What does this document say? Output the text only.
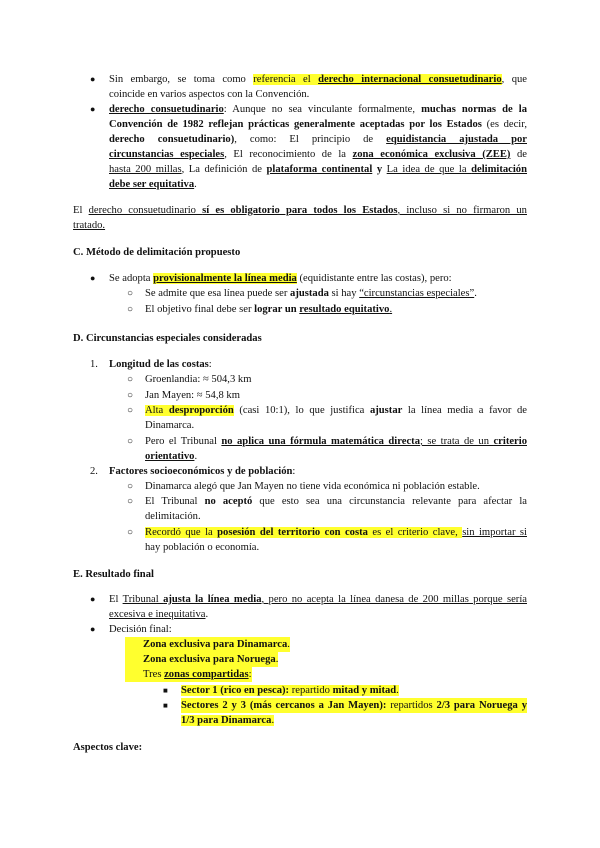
● Sin embargo, se toma como referencia el derecho internacional consuetudinario, que
coincide en varios aspectos con la Convención.
● derecho consuetudinario: Aunque no sea vinculante formalmente, muchas normas de la
Convención de 1982 reflejan prácticas generalmente aceptadas por los Estados (es decir,
derecho consuetudinario), como: El principio de equidistancia ajustada por
circunstancias especiales, El reconocimiento de la zona económica exclusiva (ZEE) de
hasta 200 millas, La definición de plataforma continental y La idea de que la delimitación
debe ser equitativa.
El derecho consuetudinario sí es obligatorio para todos los Estados, incluso si no firmaron un
tratado.
C. Método de delimitación propuesto
● Se adopta provisionalmente la línea media (equidistante entre las costas), pero:
○ Se admite que esa línea puede ser ajustada si hay “circunstancias especiales”.
○ El objetivo final debe ser lograr un resultado equitativo.
D. Circunstancias especiales consideradas
1. Longitud de las costas:
○ Groenlandia: ≈ 504,3 km
○ Jan Mayen: ≈ 54,8 km
○ Alta desproporción (casi 10:1), lo que justifica ajustar la línea media a favor de
Dinamarca.
○ Pero el Tribunal no aplica una fórmula matemática directa; se trata de un criterio
orientativo.
2. Factores socioeconómicos y de población:
○ Dinamarca alegó que Jan Mayen no tiene vida económica ni población estable.
○ El Tribunal no aceptó que esto sea una circunstancia relevante para afectar la
delimitación.
○ Recordó que la posesión del territorio con costa es el criterio clave, sin importar si
hay población o economía.
E. Resultado final
● El Tribunal ajusta la línea media, pero no acepta la línea danesa de 200 millas porque sería
excesiva e inequitativa.
● Decisión final:
Zona exclusiva para Dinamarca.
Zona exclusiva para Noruega.
Tres zonas compartidas:
■ Sector 1 (rico en pesca): repartido mitad y mitad.
■ Sectores 2 y 3 (más cercanos a Jan Mayen): repartidos 2/3 para Noruega y
1/3 para Dinamarca.
Aspectos clave:
